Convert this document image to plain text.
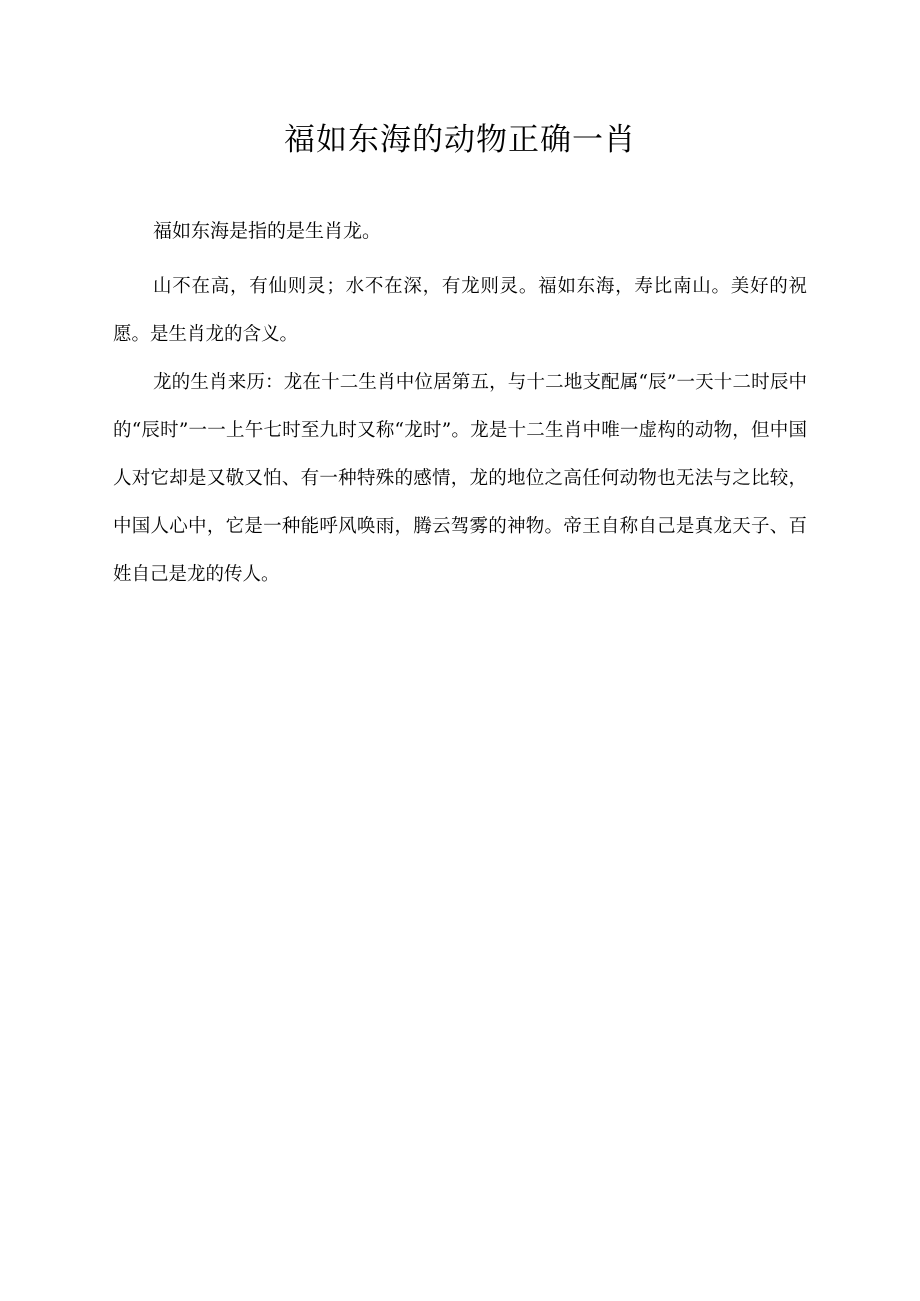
福如东海的动物正确一肖

福如东海是指的是生肖龙。

山不在高，有仙则灵；水不在深，有龙则灵。福如东海，寿比南山。美好的祝愿。是生肖龙的含义。

龙的生肖来历：龙在十二生肖中位居第五，与十二地支配属“辰”一天十二时辰中的“辰时”一一上午七时至九时又称“龙时”。龙是十二生肖中唯一虚构的动物，但中国人对它却是又敬又怕、有一种特殊的感情，龙的地位之高任何动物也无法与之比较，中国人心中，它是一种能呼风唤雨，腾云驾雾的神物。帝王自称自己是真龙天子、百姓自己是龙的传人。
